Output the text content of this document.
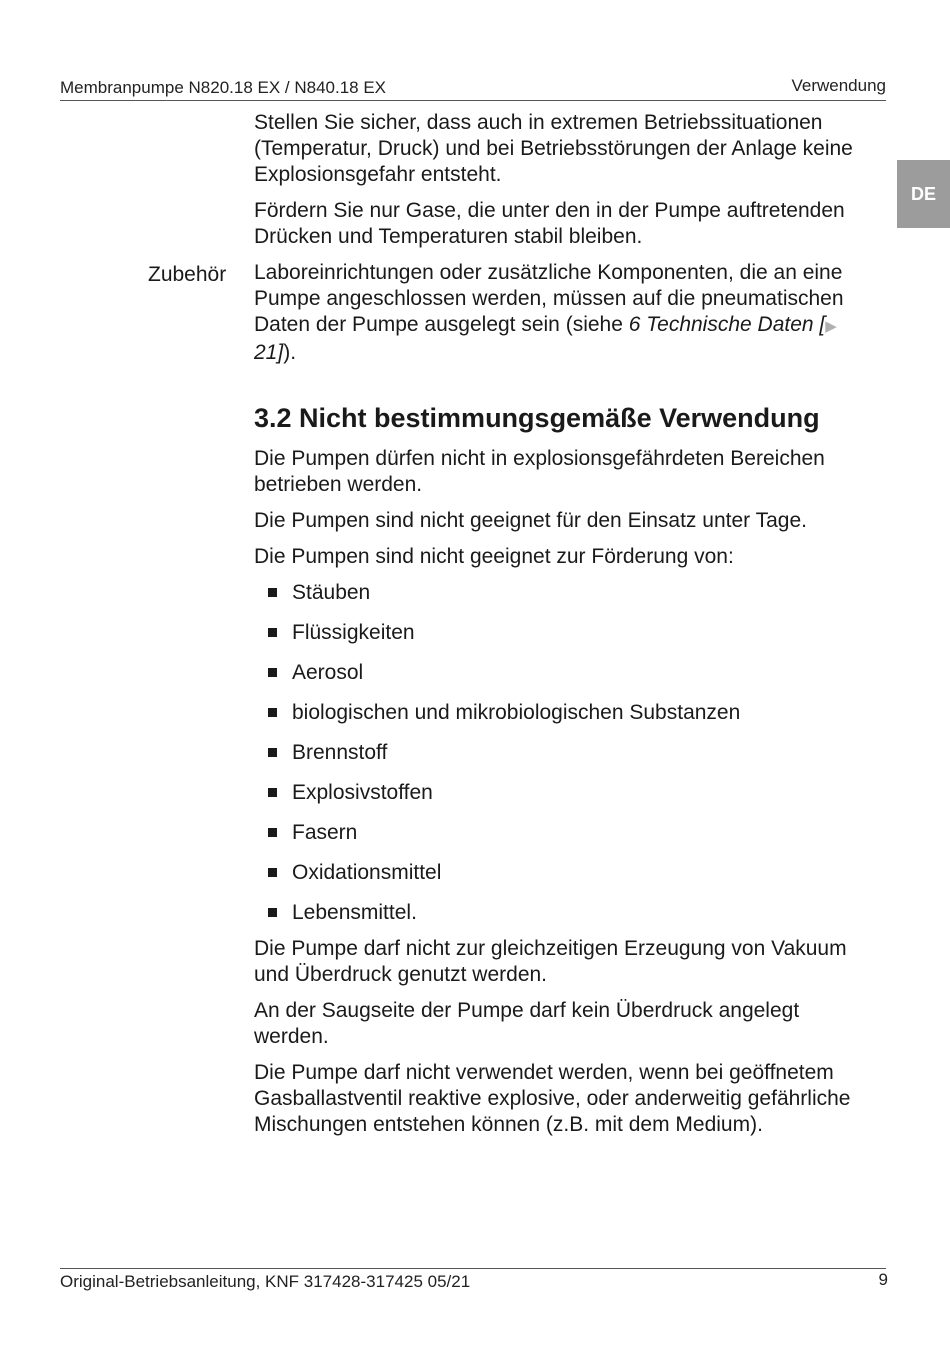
Membranpumpe N820.18 EX / N840.18 EX	Verwendung
DE
Zubehör

Stellen Sie sicher, dass auch in extremen Betriebssituationen (Temperatur, Druck) und bei Betriebsstörungen der Anlage keine Explosionsgefahr entsteht.

Fördern Sie nur Gase, die unter den in der Pumpe auftretenden Drücken und Temperaturen stabil bleiben.

Laboreinrichtungen oder zusätzliche Komponenten, die an eine Pumpe angeschlossen werden, müssen auf die pneumatischen Daten der Pumpe ausgelegt sein (siehe 6 Technische Daten [▶ 21]).

3.2 Nicht bestimmungsgemäße Verwendung

Die Pumpen dürfen nicht in explosionsgefährdeten Bereichen betrieben werden.

Die Pumpen sind nicht geeignet für den Einsatz unter Tage.

Die Pumpen sind nicht geeignet zur Förderung von:

Stäuben
Flüssigkeiten
Aerosol
biologischen und mikrobiologischen Substanzen
Brennstoff
Explosivstoffen
Fasern
Oxidationsmittel
Lebensmittel.

Die Pumpe darf nicht zur gleichzeitigen Erzeugung von Vakuum und Überdruck genutzt werden.

An der Saugseite der Pumpe darf kein Überdruck angelegt werden.

Die Pumpe darf nicht verwendet werden, wenn bei geöffnetem Gasballastventil reaktive explosive, oder anderweitig gefährliche Mischungen entstehen können (z.B. mit dem Medium).

Original-Betriebsanleitung, KNF 317428-317425 05/21	9
